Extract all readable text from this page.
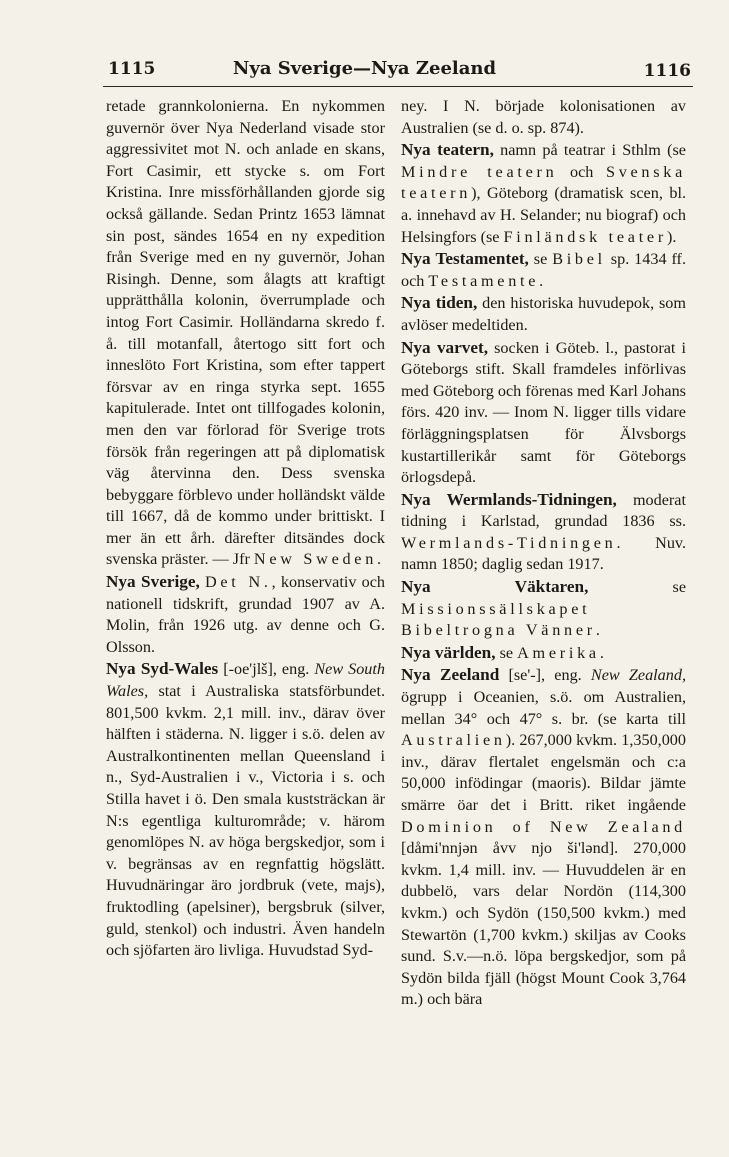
1115	Nya Sverige—Nya Zeeland	1116

retade grannkolonierna. En nykommen guvernör över Nya Nederland visade stor aggressivitet mot N. och anlade en skans, Fort Casimir, ett stycke s. om Fort Kristina. Inre missförhållanden gjorde sig också gällande. Sedan Printz 1653 lämnat sin post, sändes 1654 en ny expedition från Sverige med en ny guvernör, Johan Risingh. Denne, som ålagts att kraftigt upprätthålla kolonin, överrumplade och intog Fort Casimir. Holländarna skredo f. å. till motanfall, återtogo sitt fort och inneslöto Fort Kristina, som efter tappert försvar av en ringa styrka sept. 1655 kapitulerade. Intet ont tillfogades kolonin, men den var förlorad för Sverige trots försök från regeringen att på diplomatisk väg återvinna den. Dess svenska bebyggare förblevo under holländskt välde till 1667, då de kommo under brittiskt. I mer än ett årh. därefter ditsändes dock svenska präster. — Jfr New Sweden.

Nya Sverige, Det N., konservativ och nationell tidskrift, grundad 1907 av A. Molin, från 1926 utg. av denne och G. Olsson.

Nya Syd-Wales [-oe'jlš], eng. New South Wales, stat i Australiska statsförbundet. 801,500 kvkm. 2,1 mill. inv., därav över hälften i städerna. N. ligger i s.ö. delen av Australkontinenten mellan Queensland i n., Syd-Australien i v., Victoria i s. och Stilla havet i ö. Den smala kuststräckan är N:s egentliga kulturområde; v. härom genomlöpes N. av höga bergskedjor, som i v. begränsas av en regnfattig högslätt. Huvudnäringar äro jordbruk (vete, majs), fruktodling (apelsiner), bergsbruk (silver, guld, stenkol) och industri. Även handeln och sjöfarten äro livliga. Huvudstad Syd-

ney. I N. började kolonisationen av Australien (se d. o. sp. 874).

Nya teatern, namn på teatrar i Sthlm (se Mindre teatern och Svenska teatern), Göteborg (dramatisk scen, bl. a. innehavd av H. Selander; nu biograf) och Helsingfors (se Finländsk teater).

Nya Testamentet, se Bibel sp. 1434 ff. och Testamente.

Nya tiden, den historiska huvudepok, som avlöser medeltiden.

Nya varvet, socken i Göteb. l., pastorat i Göteborgs stift. Skall framdeles införlivas med Göteborg och förenas med Karl Johans förs. 420 inv. — Inom N. ligger tills vidare förläggningsplatsen för Älvsborgs kustartillerikår samt för Göteborgs örlogsdepå.

Nya Wermlands-Tidningen, moderat tidning i Karlstad, grundad 1836 ss. Wermlands-Tidningen. Nuv. namn 1850; daglig sedan 1917.

Nya Väktaren, se Missionssällskapet Bibeltrogna Vänner.

Nya världen, se Amerika.

Nya Zeeland [se'-], eng. New Zealand, ögrupp i Oceanien, s.ö. om Australien, mellan 34° och 47° s. br. (se karta till Australien). 267,000 kvkm. 1,350,000 inv., därav flertalet engelsmän och c:a 50,000 infödingar (maoris). Bildar jämte smärre öar det i Britt. riket ingående Dominion of New Zealand [dåmi'nnjən åvv njo ši'lənd]. 270,000 kvkm. 1,4 mill. inv. — Huvuddelen är en dubbelö, vars delar Nordön (114,300 kvkm.) och Sydön (150,500 kvkm.) med Stewartön (1,700 kvkm.) skiljas av Cooks sund. S.v.—n.ö. löpa bergskedjor, som på Sydön bilda fjäll (högst Mount Cook 3,764 m.) och bära
